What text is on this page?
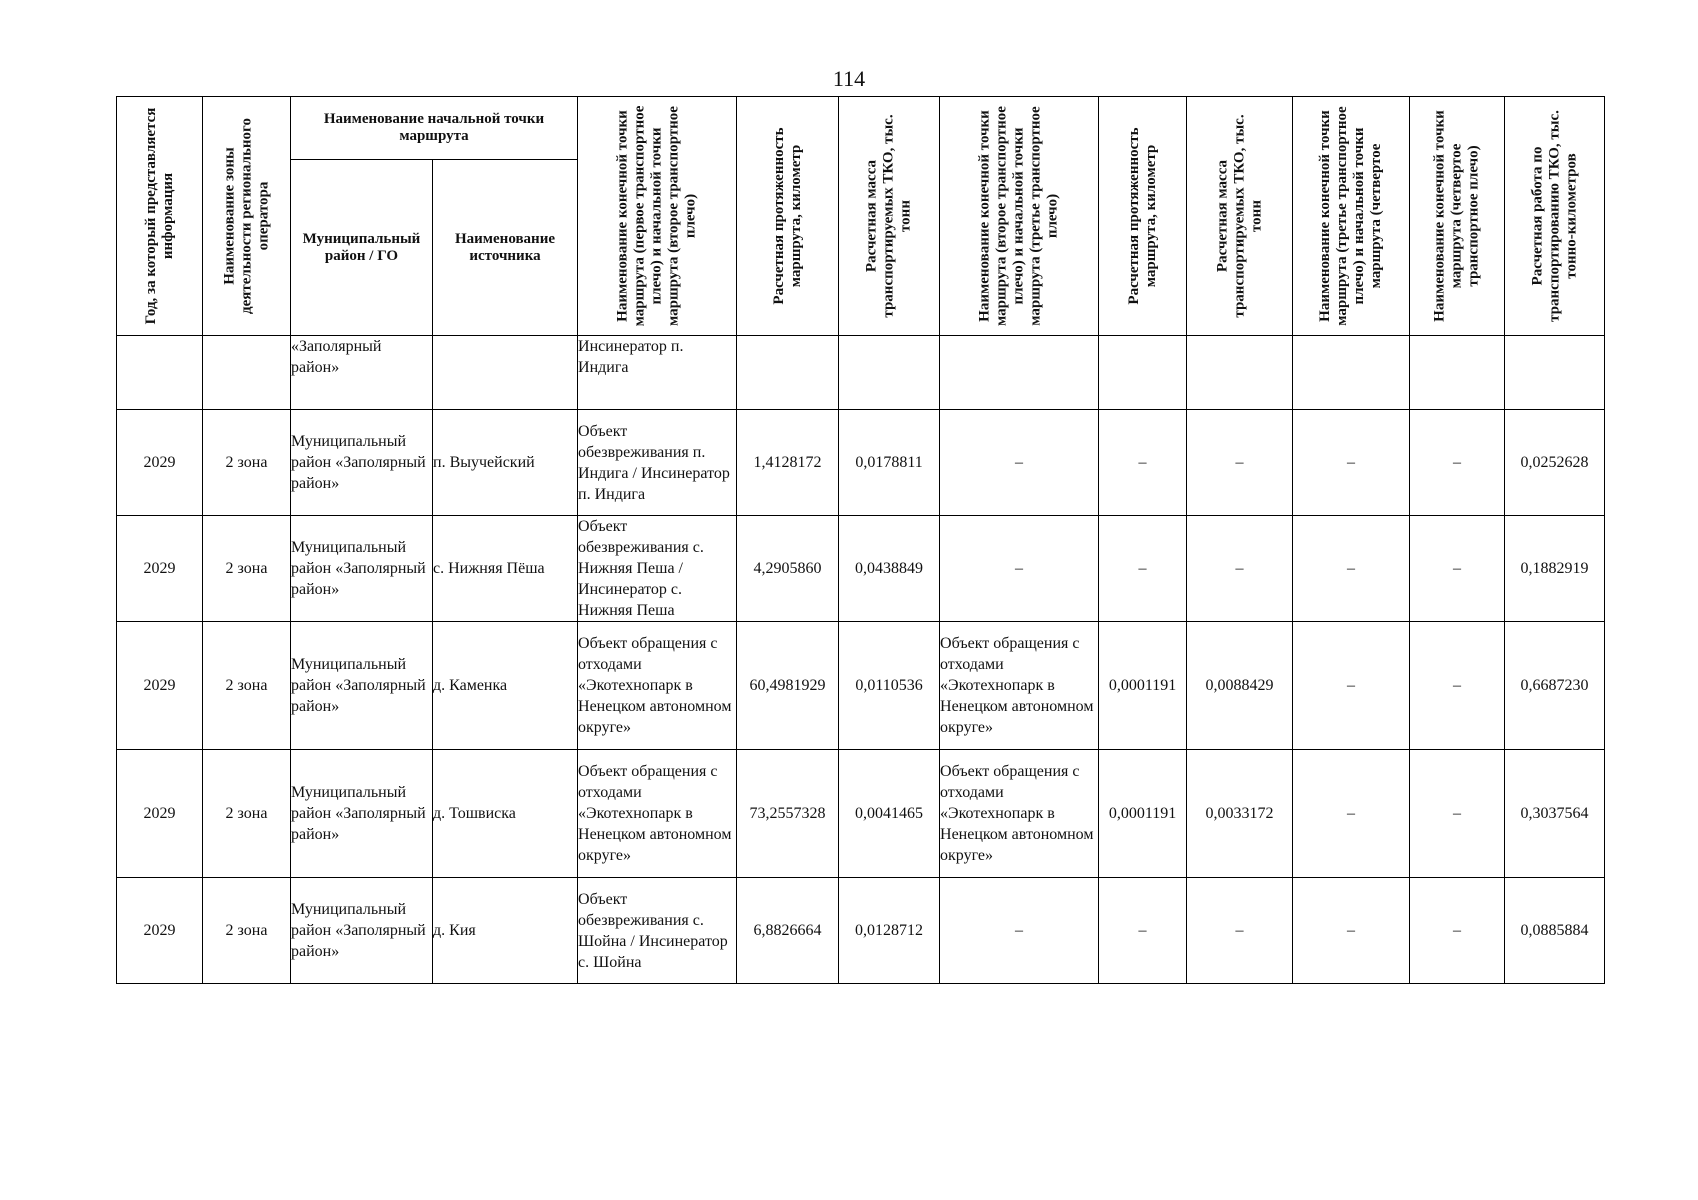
114
Год, за который представляется информация	Наименование зоны деятельности регионального оператора	Наименование начальной точки маршрута		Наименование конечной точки маршрута (первое транспортное плечо) и начальной точки маршрута (второе транспортное плечо)	Расчетная протяженность маршрута, километр	Расчетная масса транспортируемых ТКО, тыс. тонн	Наименование конечной точки маршрута (второе транспортное плечо) и начальной точки маршрута (третье транспортное плечо)	Расчетная протяженность маршрута, километр	Расчетная масса транспортируемых ТКО, тыс. тонн	Наименование конечной точки маршрута (третье транспортное плечо) и начальной точки маршрута (четвертое	Наименование конечной точки маршрута (четвертое транспортное плечо)	Расчетная работа по транспортированию ТКО, тыс. тонно-километров

		Муниципальный район / ГО	Наименование источника									
		«Заполярный район»		Инсинератор п. Индига								
2029	2 зона	Муниципальный район «Заполярный район»	п. Выучейский	Объект обезвреживания п. Индига / Инсинератор п. Индига	1,4128172	0,0178811	–	–	–	–	–	0,0252628
2029	2 зона	Муниципальный район «Заполярный район»	с. Нижняя Пёша	Объект обезвреживания с. Нижняя Пеша / Инсинератор с. Нижняя Пеша	4,2905860	0,0438849	–	–	–	–	–	0,1882919
2029	2 зона	Муниципальный район «Заполярный район»	д. Каменка	Объект обращения с отходами «Экотехнопарк в Ненецком автономном округе»	60,4981929	0,0110536	Объект обращения с отходами «Экотехнопарк в Ненецком автономном округе»	0,0001191	0,0088429	–	–	0,6687230
2029	2 зона	Муниципальный район «Заполярный район»	д. Тошвиска	Объект обращения с отходами «Экотехнопарк в Ненецком автономном округе»	73,2557328	0,0041465	Объект обращения с отходами «Экотехнопарк в Ненецком автономном округе»	0,0001191	0,0033172	–	–	0,3037564
2029	2 зона	Муниципальный район «Заполярный район»	д. Кия	Объект обезвреживания с. Шойна / Инсинератор с. Шойна	6,8826664	0,0128712	–	–	–	–	–	0,0885884
